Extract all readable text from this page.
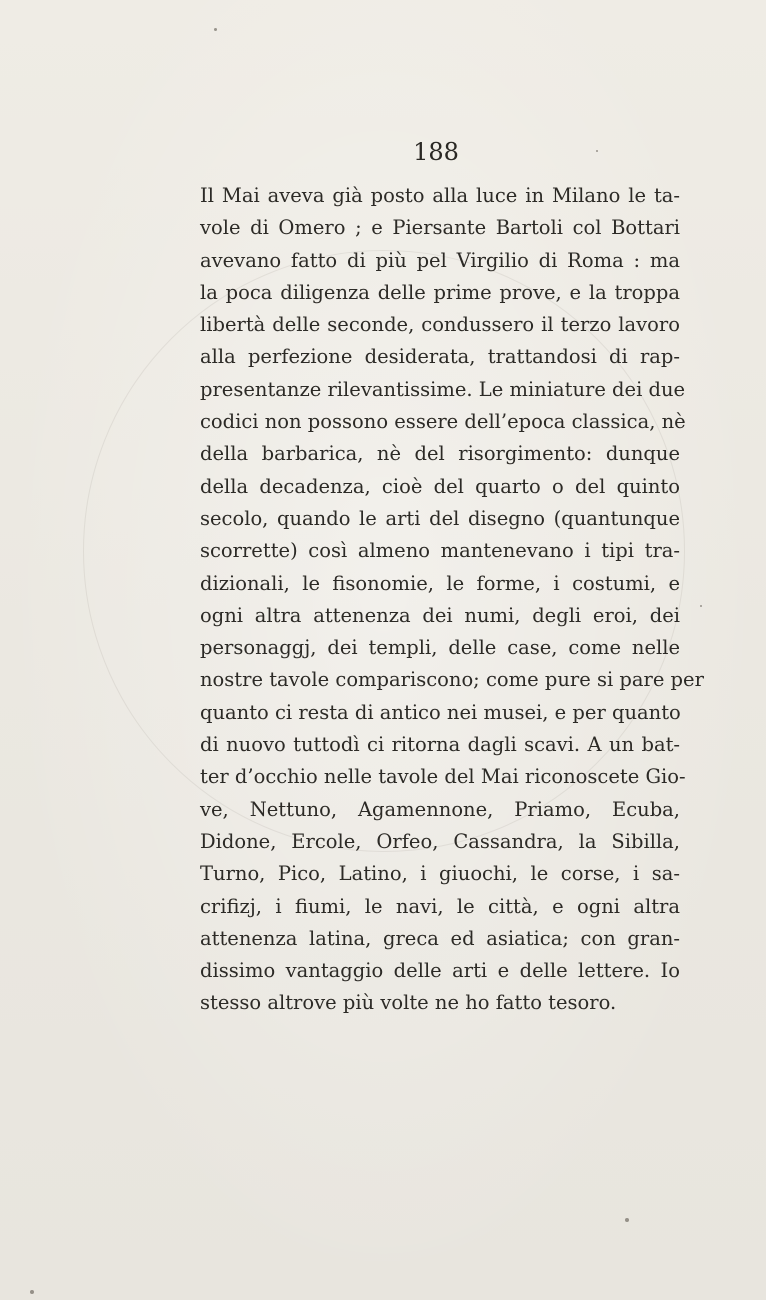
188
Il Mai aveva già posto alla luce in Milano le ta-
vole di Omero ; e Piersante Bartoli col Bottari
avevano fatto di più pel Virgilio di Roma : ma
la poca diligenza delle prime prove, e la troppa
libertà delle seconde, condussero il terzo lavoro
alla perfezione desiderata, trattandosi di rap-
presentanze rilevantissime. Le miniature dei due
codici non possono essere dell’epoca classica, nè
della barbarica, nè del risorgimento: dunque
della decadenza, cioè del quarto o del quinto
secolo, quando le arti del disegno (quantunque
scorrette) così almeno mantenevano i tipi tra-
dizionali, le fisonomie, le forme, i costumi, e
ogni altra attenenza dei numi, degli eroi, dei
personaggj, dei templi, delle case, come nelle
nostre tavole compariscono; come pure si pare per
quanto ci resta di antico nei musei, e per quanto
di nuovo tuttodì ci ritorna dagli scavi. A un bat-
ter d’occhio nelle tavole del Mai riconoscete Gio-
ve, Nettuno, Agamennone, Priamo, Ecuba,
Didone, Ercole, Orfeo, Cassandra, la Sibilla,
Turno, Pico, Latino, i giuochi, le corse, i sa-
crifizj, i fiumi, le navi, le città, e ogni altra
attenenza latina, greca ed asiatica; con gran-
dissimo vantaggio delle arti e delle lettere. Io
stesso altrove più volte ne ho fatto tesoro.
